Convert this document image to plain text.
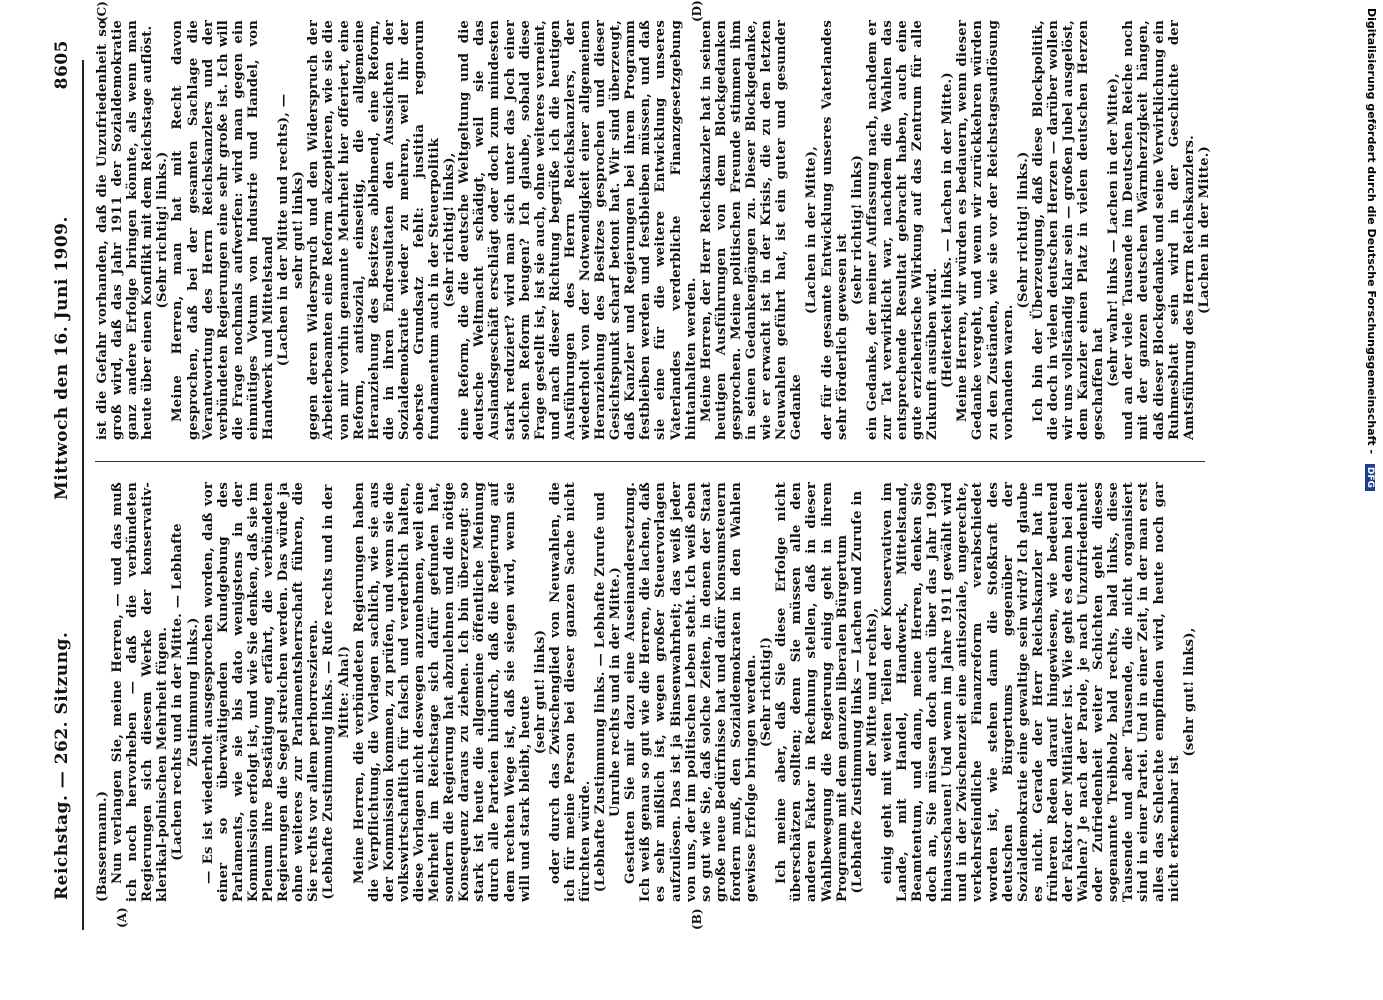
Reichstag. — 262. Sitzung.
Mittwoch den 16. Juni 1909.
8605
(A)	(B)
(C)	(D)

(Bassermann.) Nun verlangen Sie, meine Herren, — und das muß ich noch hervorheben — daß die verbündeten Regierungen sich diesem Werke der konservativ-klerikal-polnischen Mehrheit fügen. (Lachen rechts und in der Mitte. — Lebhafte Zustimmung links.) — Es ist wiederholt ausgesprochen worden, daß vor einer so überwältigenden Kundgebung des Parlaments, wie sie bis dato wenigstens in der Kommission erfolgt ist, und wie Sie denken, daß sie im Plenum ihre Bestätigung erfährt, die verbündeten Regierungen die Segel streichen werden. Das würde ja ohne weiteres zur Parlamentsherrschaft führen, die Sie rechts vor allem perhorreszieren. (Lebhafte Zustimmung links. — Rufe rechts und in der Mitte: Aha!) Meine Herren, die verbündeten Regierungen haben die Verpflichtung, die Vorlagen sachlich, wie sie aus der Kommission kommen, zu prüfen, und wenn sie die volkswirtschaftlich für falsch und verderblich halten, diese Vorlagen nicht deswegen anzunehmen, weil eine Mehrheit im Reichstage sich dafür gefunden hat, sondern die Regierung hat abzulehnen und die nötige Konsequenz daraus zu ziehen. Ich bin überzeugt: so stark ist heute die allgemeine öffentliche Meinung durch alle Parteien hindurch, daß die Regierung auf dem rechten Wege ist, daß sie siegen wird, wenn sie will und stark bleibt, heute

(sehr gut! links) oder durch das Zwischenglied von Neuwahlen, die ich für meine Person bei dieser ganzen Sache nicht fürchten würde. (Lebhafte Zustimmung links. — Lebhafte Zurufe und Unruhe rechts und in der Mitte.) Gestatten Sie mir dazu eine Auseinandersetzung. Ich weiß genau so gut wie die Herren, die lachen, daß es sehr mißlich ist, wegen großer Steuervorlagen aufzulösen. Das ist ja Binsenwahrheit; das weiß jeder von uns, der im politischen Leben steht. Ich weiß eben so gut wie Sie, daß solche Zeiten, in denen der Staat große neue Bedürfnisse hat und dafür Konsumsteuern fordern muß, den Sozialdemokraten in den Wahlen gewisse Erfolge bringen werden. (Sehr richtig!) Ich meine aber, daß Sie diese Erfolge nicht überschätzen sollten; denn Sie müssen alle den anderen Faktor in Rechnung stellen, daß in dieser Wahlbewegung die Regierung einig geht in ihrem Programm mit dem ganzen liberalen Bürgertum (Lebhafte Zustimmung links — Lachen und Zurufe in der Mitte und rechts), einig geht mit weiten Teilen der Konservativen im Lande, mit Handel, Handwerk, Mittelstand, Beamtentum, und dann, meine Herren, denken Sie doch an, Sie müssen doch auch über das Jahr 1909 hinausschauen! Und wenn im Jahre 1911 gewählt wird und in der Zwischenzeit eine antisoziale, ungerechte, verkehrsfeindliche Finanzreform verabschiedet worden ist, wie stehen dann die Stoßkraft des deutschen Bürgertums gegenüber der Sozialdemokratie eine gewaltige sein wird? Ich glaube es nicht. Gerade der Herr Reichskanzler hat in früheren Reden darauf hingewiesen, wie bedeutend der Faktor der Mitläufer ist. Wie geht es denn bei den Wahlen? Je nach der Parole, je nach Unzufriedenheit oder Zufriedenheit weiter Schichten geht dieses sogenannte Treibholz bald rechts, bald links, diese Tausende und aber Tausende, die nicht organisiert sind in einer Partei. Und in einer Zeit, in der man erst alles das Schlechte empfinden wird, heute noch gar nicht erkennbar ist

(sehr gut! links),

ist die Gefahr vorhanden, daß die Unzufriedenheit so groß wird, daß das Jahr 1911 der Sozialdemokratie ganz andere Erfolge bringen könnte, als wenn man heute über einen Konflikt mit dem Reichstage auflöst. (Sehr richtig! links.) Meine Herren, man hat mit Recht davon gesprochen, daß bei der gesamten Sachlage die Verantwortung des Herrn Reichskanzlers und der verbündeten Regierungen eine sehr große ist. Ich will die Frage nochmals aufwerfen: wird man gegen ein einmütiges Votum von Industrie und Handel, von Handwerk und Mittelstand (Lachen in der Mitte und rechts), — sehr gut! links) gegen deren Widerspruch und den Widerspruch der Arbeiterbeamten eine Reform akzeptieren, wie sie die von mir vorhin genannte Mehrheit hier offeriert, eine Reform, antisozial, einseitig, die allgemeine Heranziehung des Besitzes ablehnend, eine Reform, die in ihren Endresultaten den Aussichten der Sozialdemokratie wieder zu mehren, weil ihr der oberste Grundsatz fehlt: justitia regnorum fundamentum auch in der Steuerpolitik (sehr richtig! links), eine Reform, die die deutsche Weltgeltung und die deutsche Weltmacht schädigt, weil sie das Auslandsgeschäft erschlägt oder doch zum mindesten stark reduziert? wird man sich unter das Joch einer solchen Reform beugen? Ich glaube, sobald diese Frage gestellt ist, ist sie auch, ohne weiteres verneint, und nach dieser Richtung begrüße ich die heutigen Ausführungen des Herrn Reichskanzlers, der wiederholt von der Notwendigkeit einer allgemeinen Heranziehung des Besitzes gesprochen und dieser Gesichtspunkt scharf betont hat. Wir sind überzeugt, daß Kanzler und Regierungen bei ihrem Programm festbleiben werden und festbleiben müssen, und daß sie eine für die weitere Entwicklung unseres Vaterlandes verderbliche Finanzgesetzgebung hintanhalten werden. Meine Herren, der Herr Reichskanzler hat in seinen heutigen Ausführungen von dem Blockgedanken gesprochen. Meine politischen Freunde stimmen ihm in seinen Gedankengängen zu. Dieser Blockgedanke, wie er erwacht ist in der Krisis, die zu den letzten Neuwahlen geführt hat, ist ein guter und gesunder Gedanke

(Lachen in der Mitte), der für die gesamte Entwicklung unseres Vaterlandes sehr förderlich gewesen ist

(sehr richtig! links) ein Gedanke, der meiner Auffassung nach, nachdem er zur Tat verwirklicht war, nachdem die Wahlen das entsprechende Resultat gebracht haben, auch eine gute erzieherische Wirkung auf das Zentrum für alle Zukunft ausüben wird. (Heiterkeit links. — Lachen in der Mitte.) Meine Herren, wir würden es bedauern, wenn dieser Gedanke vergeht, und wenn wir zurückkehren würden zu den Zuständen, wie sie vor der Reichstagsauflösung vorhanden waren.

(Sehr richtig! links.) Ich bin der Überzeugung, daß diese Blockpolitik, die doch in vielen deutschen Herzen — darüber wollen wir uns vollständig klar sein — großen Jubel ausgelöst, dem Kanzler einen Platz in vielen deutschen Herzen geschaffen hat (sehr wahr! links — Lachen in der Mitte), und an der viele Tausende im Deutschen Reiche noch mit der ganzen deutschen Wärmherzigkeit hängen, daß dieser Blockgedanke und seine Verwirklichung ein Ruhmesblatt sein wird in der Geschichte der Amtsführung des Herrn Reichskanzlers. (Lachen in der Mitte.)	Digitalisierung gefördert durch die Deutsche Forschungsgemeinschaft - DFG
